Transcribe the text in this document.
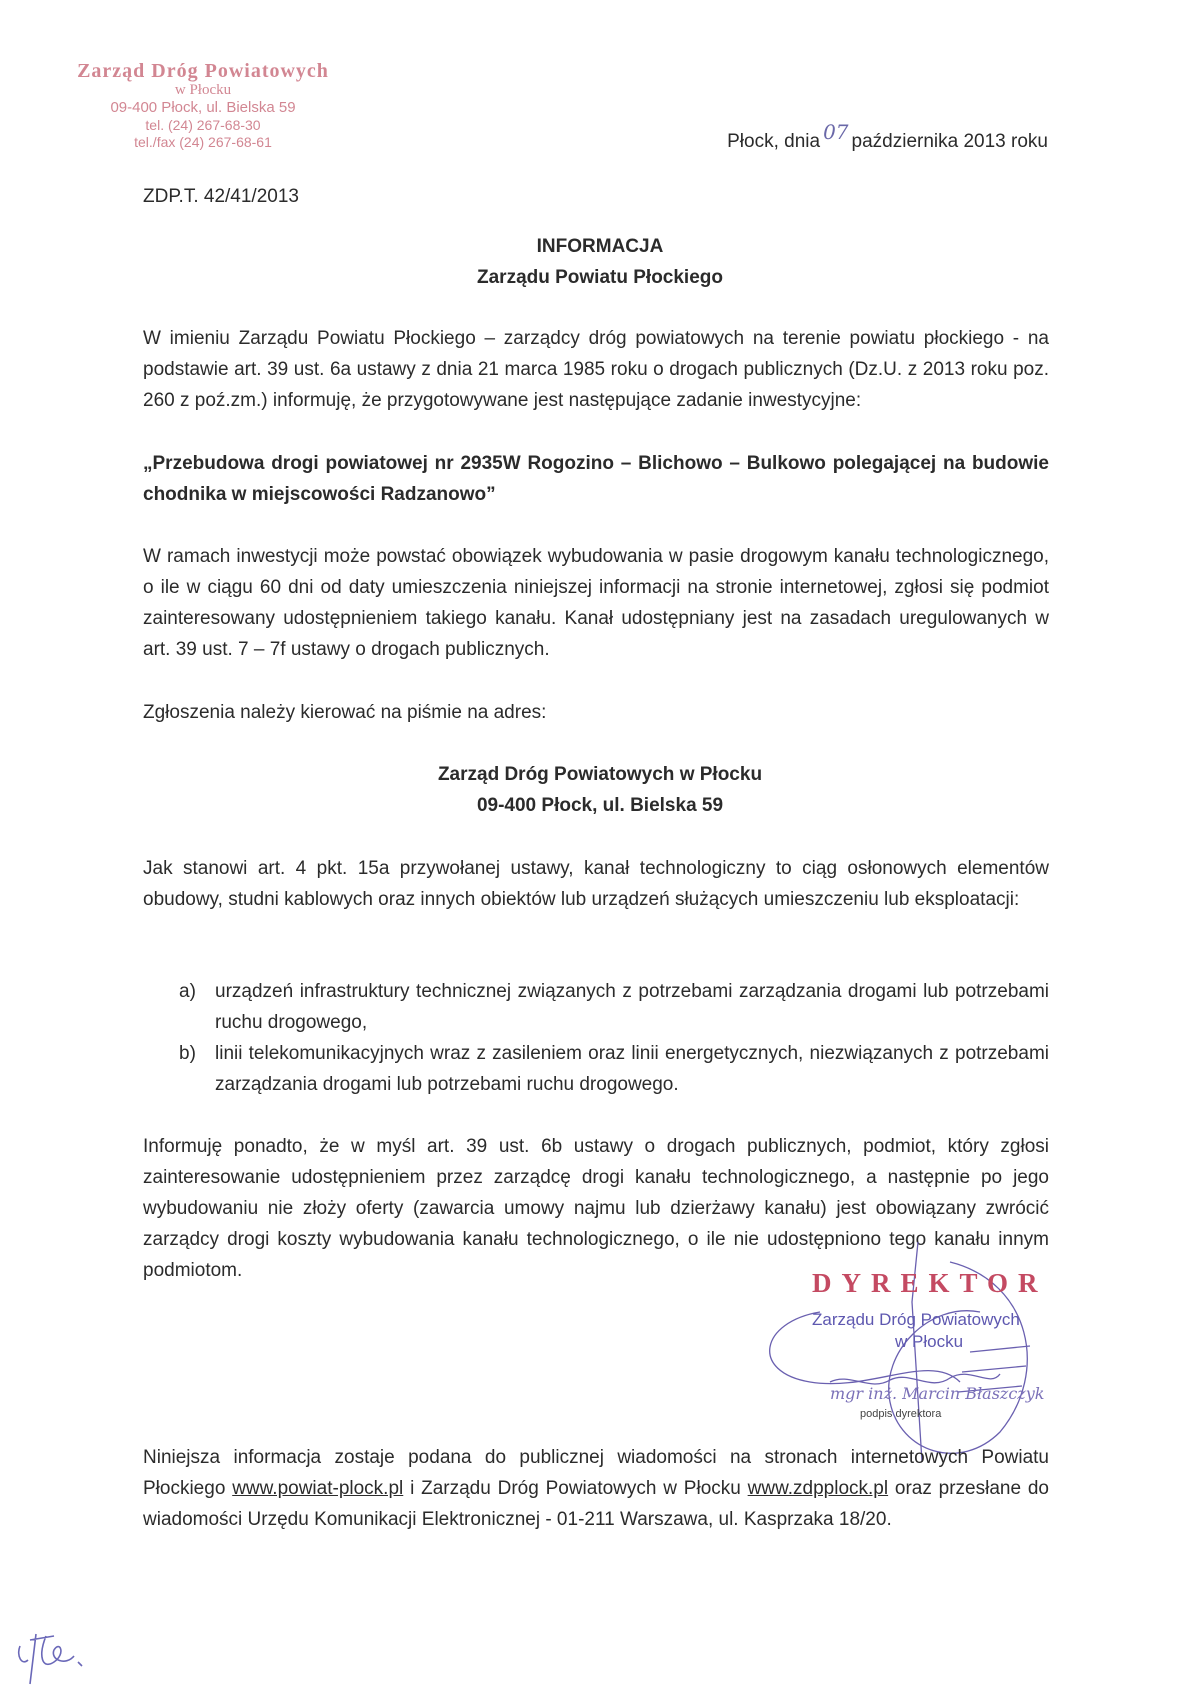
Zarząd Dróg Powiatowych
w Płocku
09-400 Płock, ul. Bielska 59
tel. (24) 267-68-30
tel./fax (24) 267-68-61	Płock, dnia 07 października 2013 roku
ZDP.T. 42/41/2013
INFORMACJA
Zarządu Powiatu Płockiego
W imieniu Zarządu Powiatu Płockiego – zarządcy dróg powiatowych na terenie powiatu płockiego - na podstawie art. 39 ust. 6a ustawy z dnia 21 marca 1985 roku o drogach publicznych (Dz.U. z 2013 roku poz. 260 z poź.zm.) informuję, że przygotowywane jest następujące zadanie inwestycyjne:
„Przebudowa drogi powiatowej nr 2935W Rogozino – Blichowo – Bulkowo polegającej na budowie chodnika w miejscowości Radzanowo”
W ramach inwestycji może powstać obowiązek wybudowania w pasie drogowym kanału technologicznego, o ile w ciągu 60 dni od daty umieszczenia niniejszej informacji na stronie internetowej, zgłosi się podmiot zainteresowany udostępnieniem takiego kanału. Kanał udostępniany jest na zasadach uregulowanych w art. 39 ust. 7 – 7f ustawy o drogach publicznych.
Zgłoszenia należy kierować na piśmie na adres:
Zarząd Dróg Powiatowych w Płocku
09-400 Płock, ul. Bielska 59
Jak stanowi art. 4 pkt. 15a przywołanej ustawy, kanał technologiczny to ciąg osłonowych elementów obudowy, studni kablowych oraz innych obiektów lub urządzeń służących umieszczeniu lub eksploatacji:
a) urządzeń infrastruktury technicznej związanych z potrzebami zarządzania drogami lub potrzebami ruchu drogowego,
b) linii telekomunikacyjnych wraz z zasileniem oraz linii energetycznych, niezwiązanych z potrzebami zarządzania drogami lub potrzebami ruchu drogowego.
Informuję ponadto, że w myśl art. 39 ust. 6b ustawy o drogach publicznych, podmiot, który zgłosi zainteresowanie udostępnieniem przez zarządcę drogi kanału technologicznego, a następnie po jego wybudowaniu nie złoży oferty (zawarcia umowy najmu lub dzierżawy kanału) jest obowiązany zwrócić zarządcy drogi koszty wybudowania kanału technologicznego, o ile nie udostępniono tego kanału innym podmiotom.	DYREKTOR
Zarządu Dróg Powiatowych
w Płocku
mgr inż. Marcin Błaszczyk
podpis dyrektora
Niniejsza informacja zostaje podana do publicznej wiadomości na stronach internetowych Powiatu Płockiego www.powiat-plock.pl i Zarządu Dróg Powiatowych w Płocku www.zdpplock.pl oraz przesłane do wiadomości Urzędu Komunikacji Elektronicznej - 01-211 Warszawa, ul. Kasprzaka 18/20.
